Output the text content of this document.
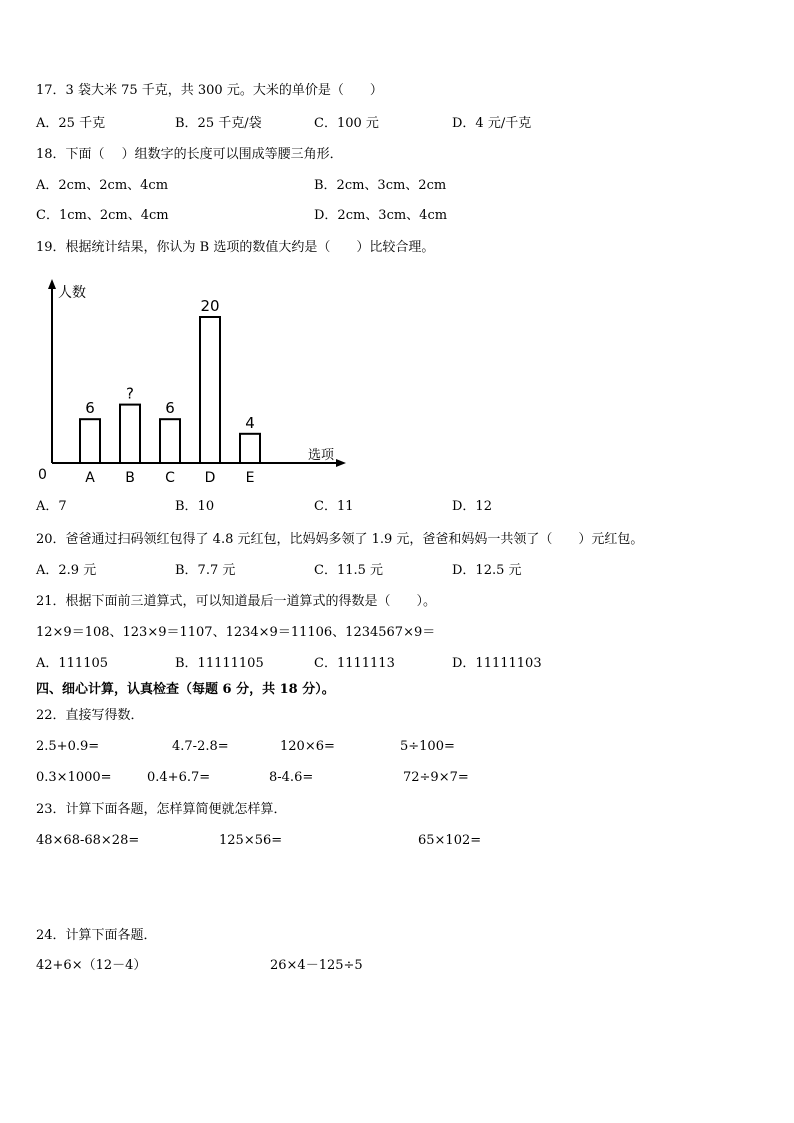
17．3 袋大米 75 千克，共 300 元。大米的单价是（　　）
A．25 千克	B．25 千克/袋	C．100 元	D．4 元/千克
18．下面（　 ）组数字的长度可以围成等腰三角形．
A．2cm、2cm、4cm	B．2cm、3cm、2cm
C．1cm、2cm、4cm	D．2cm、3cm、4cm
19．根据统计结果，你认为 B 选项的数值大约是（　　）比较合理。
人数
选项
0
6
A
?
B
6
C
20
D
4
E
A．7	B．10	C．11	D．12
20．爸爸通过扫码领红包得了 4.8 元红包，比妈妈多领了 1.9 元，爸爸和妈妈一共领了（　　）元红包。
A．2.9 元	B．7.7 元	C．11.5 元	D．12.5 元
21．根据下面前三道算式，可以知道最后一道算式的得数是（　　）。
12×9＝108、123×9＝1107、1234×9＝11106、1234567×9＝
A．111105	B．11111105	C．1111113	D．11111103
四、细心计算，认真检查（每题 6 分，共 18 分）。
22．直接写得数．
2.5+0.9=	4.7-2.8=	120×6=	5÷100=
0.3×1000=	0.4+6.7=	8-4.6=	72÷9×7=
23．计算下面各题，怎样算简便就怎样算．
48×68-68×28=	125×56=	65×102=
24．计算下面各题．
42+6×（12－4）	26×4－125÷5
